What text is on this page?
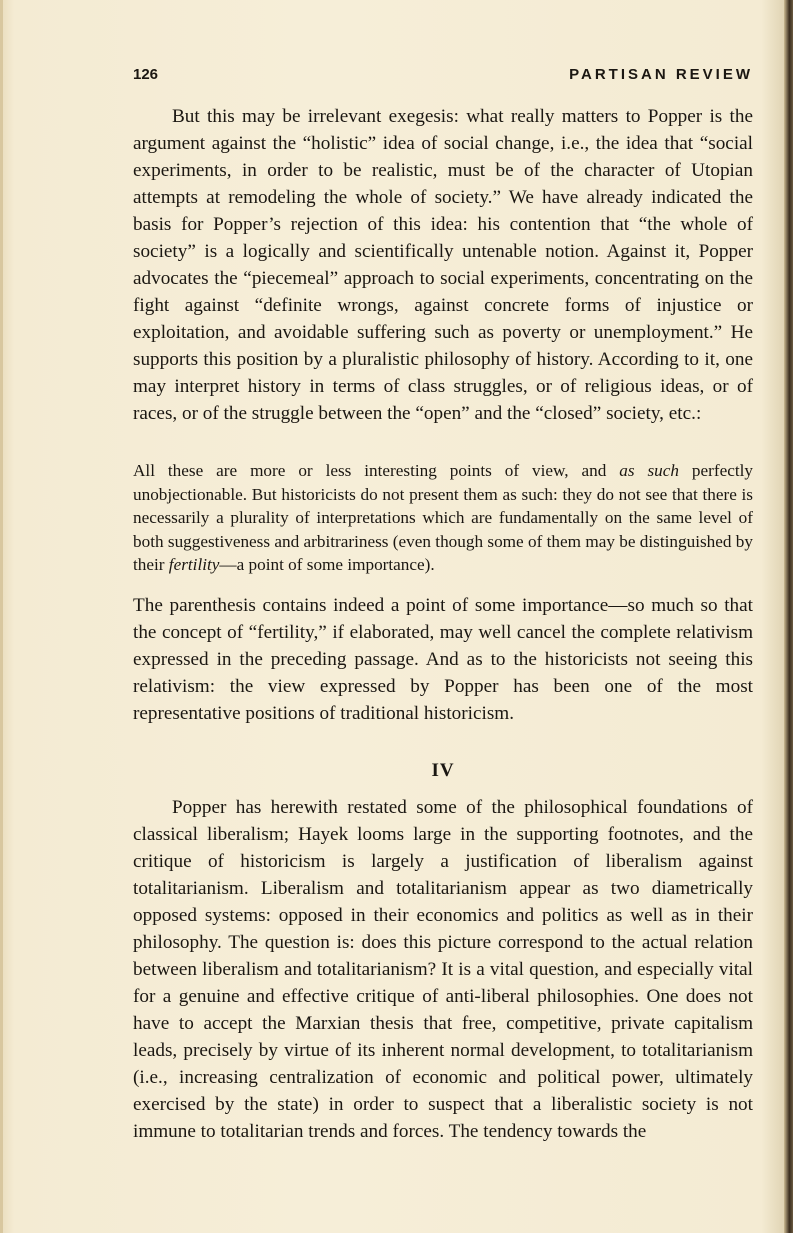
126	PARTISAN REVIEW

But this may be irrelevant exegesis: what really matters to Popper is the argument against the “holistic” idea of social change, i.e., the idea that “social experiments, in order to be realistic, must be of the character of Utopian attempts at remodeling the whole of society.” We have already indicated the basis for Popper’s rejection of this idea: his contention that “the whole of society” is a logically and scientifically untenable notion. Against it, Popper advocates the “piecemeal” approach to social experiments, concentrating on the fight against “definite wrongs, against concrete forms of injustice or exploitation, and avoidable suffering such as poverty or unemployment.” He supports this position by a pluralistic philosophy of history. According to it, one may interpret history in terms of class struggles, or of religious ideas, or of races, or of the struggle between the “open” and the “closed” society, etc.:

All these are more or less interesting points of view, and as such perfectly unobjectionable. But historicists do not present them as such: they do not see that there is necessarily a plurality of interpretations which are fundamentally on the same level of both suggestiveness and arbitrariness (even though some of them may be distinguished by their fertility—a point of some importance).

The parenthesis contains indeed a point of some importance—so much so that the concept of “fertility,” if elaborated, may well cancel the complete relativism expressed in the preceding passage. And as to the historicists not seeing this relativism: the view expressed by Popper has been one of the most representative positions of traditional historicism.

IV

Popper has herewith restated some of the philosophical foundations of classical liberalism; Hayek looms large in the supporting footnotes, and the critique of historicism is largely a justification of liberalism against totalitarianism. Liberalism and totalitarianism appear as two diametrically opposed systems: opposed in their economics and politics as well as in their philosophy. The question is: does this picture correspond to the actual relation between liberalism and totalitarianism? It is a vital question, and especially vital for a genuine and effective critique of anti-liberal philosophies. One does not have to accept the Marxian thesis that free, competitive, private capitalism leads, precisely by virtue of its inherent normal development, to totalitarianism (i.e., increasing centralization of economic and political power, ultimately exercised by the state) in order to suspect that a liberalistic society is not immune to totalitarian trends and forces. The tendency towards the
